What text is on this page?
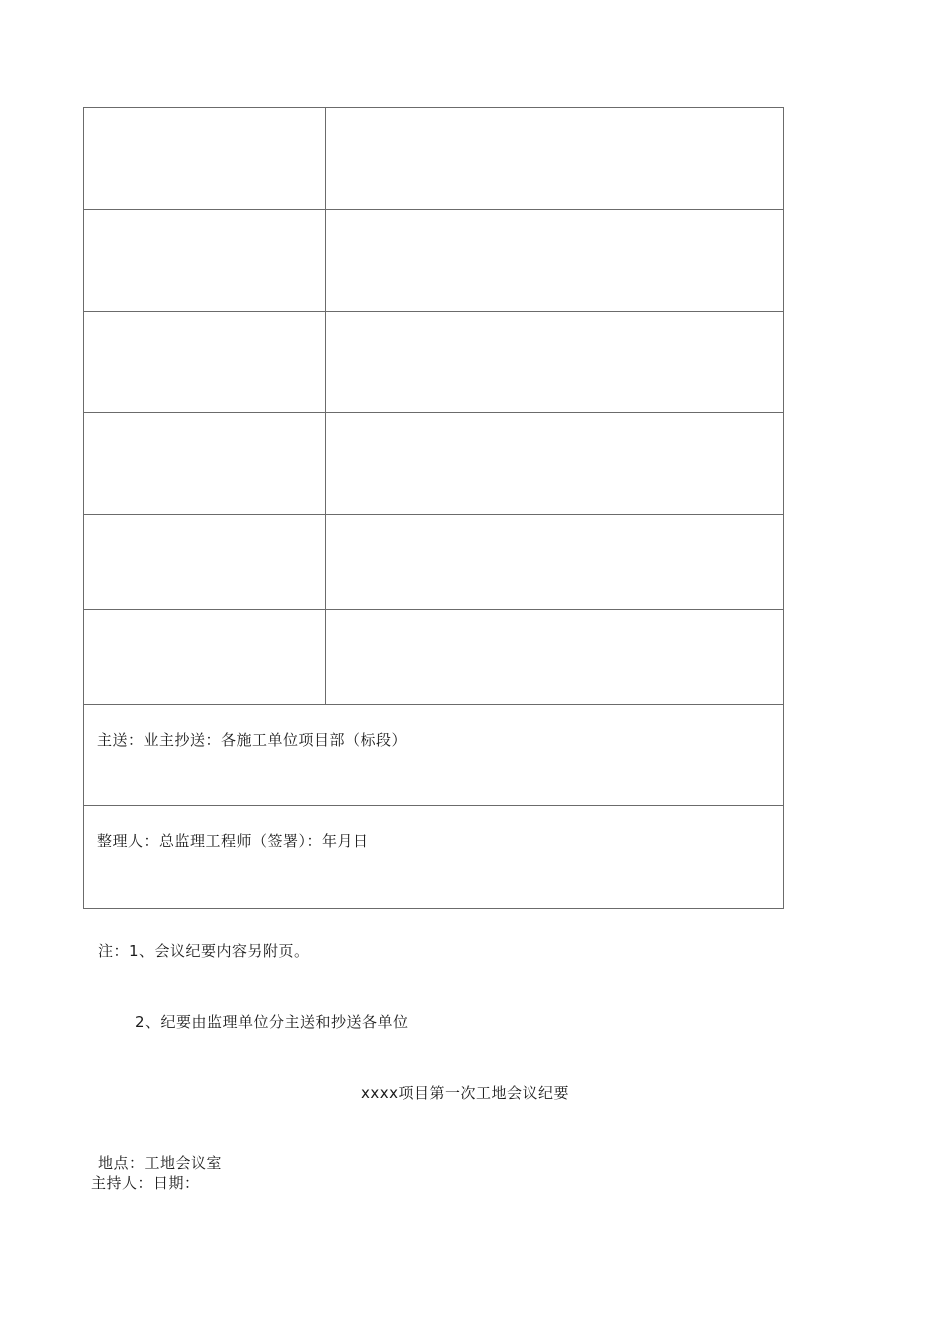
主送：业主抄送：各施工单位项目部（标段）
整理人：总监理工程师（签署）：年月日
注：1、会议纪要内容另附页。
2、纪要由监理单位分主送和抄送各单位
xxxx项目第一次工地会议纪要
地点：工地会议室
主持人：日期：
